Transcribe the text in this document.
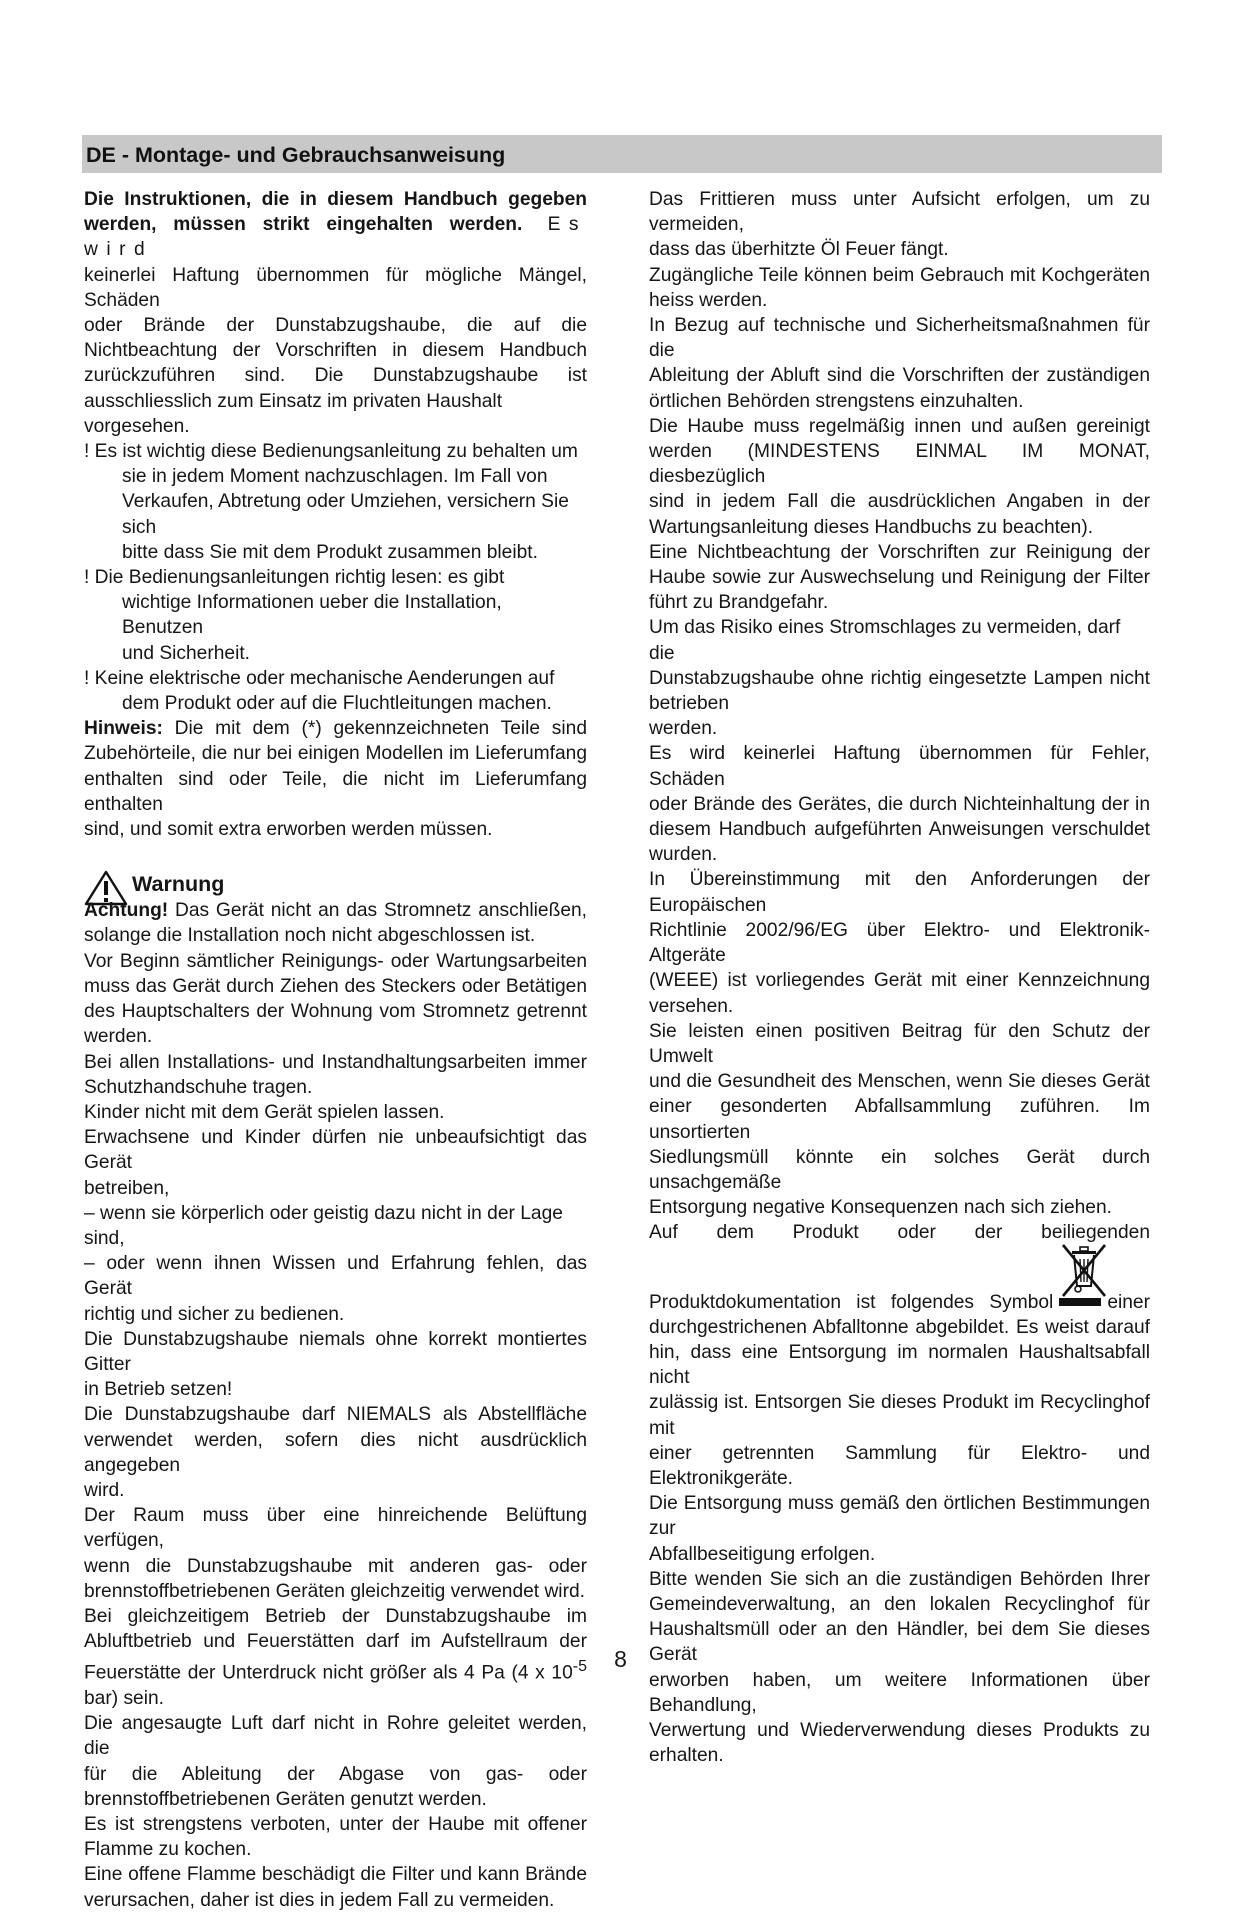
DE - Montage- und Gebrauchsanweisung

Die Instruktionen, die in diesem Handbuch gegeben

werden, müssen strikt eingehalten werden. Es wird

keinerlei Haftung übernommen für mögliche Mängel, Schäden

oder Brände der Dunstabzugshaube, die auf die

Nichtbeachtung der Vorschriften in diesem Handbuch

zurückzuführen sind. Die Dunstabzugshaube ist

ausschliesslich zum Einsatz im privaten Haushalt vorgesehen.

! Es ist wichtig diese Bedienungsanleitung zu behalten um

sie in jedem Moment nachzuschlagen. Im Fall von

Verkaufen, Abtretung oder Umziehen, versichern Sie sich

bitte dass Sie mit dem Produkt zusammen bleibt.

! Die Bedienungsanleitungen richtig lesen: es gibt

wichtige Informationen ueber die Installation, Benutzen

und Sicherheit.

! Keine elektrische oder mechanische Aenderungen auf

dem Produkt oder auf die Fluchtleitungen machen.

Hinweis: Die mit dem (*) gekennzeichneten Teile sind

Zubehörteile, die nur bei einigen Modellen im Lieferumfang

enthalten sind oder Teile, die nicht im Lieferumfang enthalten

sind, und somit extra erworben werden müssen.

Warnung

Achtung! Das Gerät nicht an das Stromnetz anschließen,

solange die Installation noch nicht abgeschlossen ist.

Vor Beginn sämtlicher Reinigungs- oder Wartungsarbeiten

muss das Gerät durch Ziehen des Steckers oder Betätigen

des Hauptschalters der Wohnung vom Stromnetz getrennt

werden.

Bei allen Installations- und Instandhaltungsarbeiten immer

Schutzhandschuhe tragen.

Kinder nicht mit dem Gerät spielen lassen.

Erwachsene und Kinder dürfen nie unbeaufsichtigt das Gerät

betreiben,

– wenn sie körperlich oder geistig dazu nicht in der Lage sind,

– oder wenn ihnen Wissen und Erfahrung fehlen, das Gerät

richtig und sicher zu bedienen.

Die Dunstabzugshaube niemals ohne korrekt montiertes Gitter

in Betrieb setzen!

Die Dunstabzugshaube darf NIEMALS als Abstellfläche

verwendet werden, sofern dies nicht ausdrücklich angegeben

wird.

Der Raum muss über eine hinreichende Belüftung verfügen,

wenn die Dunstabzugshaube mit anderen gas- oder

brennstoffbetriebenen Geräten gleichzeitig verwendet wird.

Bei gleichzeitigem Betrieb der Dunstabzugshaube im

Abluftbetrieb und Feuerstätten darf im Aufstellraum der

Feuerstätte der Unterdruck nicht größer als 4 Pa (4 x $10^{-5}$

bar) sein.

Die angesaugte Luft darf nicht in Rohre geleitet werden, die

für die Ableitung der Abgase von gas- oder

brennstoffbetriebenen Geräten genutzt werden.

Es ist strengstens verboten, unter der Haube mit offener

Flamme zu kochen.

Eine offene Flamme beschädigt die Filter und kann Brände

verursachen, daher ist dies in jedem Fall zu vermeiden.

Das Frittieren muss unter Aufsicht erfolgen, um zu vermeiden,

dass das überhitzte Öl Feuer fängt.

Zugängliche Teile können beim Gebrauch mit Kochgeräten

heiss werden.

In Bezug auf technische und Sicherheitsmaßnahmen für die

Ableitung der Abluft sind die Vorschriften der zuständigen

örtlichen Behörden strengstens einzuhalten.

Die Haube muss regelmäßig innen und außen gereinigt

werden (MINDESTENS EINMAL IM MONAT, diesbezüglich

sind in jedem Fall die ausdrücklichen Angaben in der

Wartungsanleitung dieses Handbuchs zu beachten).

Eine Nichtbeachtung der Vorschriften zur Reinigung der

Haube sowie zur Auswechselung und Reinigung der Filter

führt zu Brandgefahr.

Um das Risiko eines Stromschlages zu vermeiden, darf die

Dunstabzugshaube ohne richtig eingesetzte Lampen nicht

betrieben

werden.

Es wird keinerlei Haftung übernommen für Fehler, Schäden

oder Brände des Gerätes, die durch Nichteinhaltung der in

diesem Handbuch aufgeführten Anweisungen verschuldet

wurden.

In Übereinstimmung mit den Anforderungen der Europäischen

Richtlinie 2002/96/EG über Elektro- und Elektronik-Altgeräte

(WEEE) ist vorliegendes Gerät mit einer Kennzeichnung

versehen.

Sie leisten einen positiven Beitrag für den Schutz der Umwelt

und die Gesundheit des Menschen, wenn Sie dieses Gerät

einer gesonderten Abfallsammlung zuführen. Im unsortierten

Siedlungsmüll könnte ein solches Gerät durch unsachgemäße

Entsorgung negative Konsequenzen nach sich ziehen.

Auf dem Produkt oder der beiliegenden

Produktdokumentation ist folgendes Symbol	einer

durchgestrichenen Abfalltonne abgebildet. Es weist darauf

hin, dass eine Entsorgung im normalen Haushaltsabfall nicht

zulässig ist. Entsorgen Sie dieses Produkt im Recyclinghof mit

einer getrennten Sammlung für Elektro- und Elektronikgeräte.

Die Entsorgung muss gemäß den örtlichen Bestimmungen zur

Abfallbeseitigung erfolgen.

Bitte wenden Sie sich an die zuständigen Behörden Ihrer

Gemeindeverwaltung, an den lokalen Recyclinghof für

Haushaltsmüll oder an den Händler, bei dem Sie dieses Gerät

erworben haben, um weitere Informationen über Behandlung,

Verwertung und Wiederverwendung dieses Produkts zu

erhalten.

8
